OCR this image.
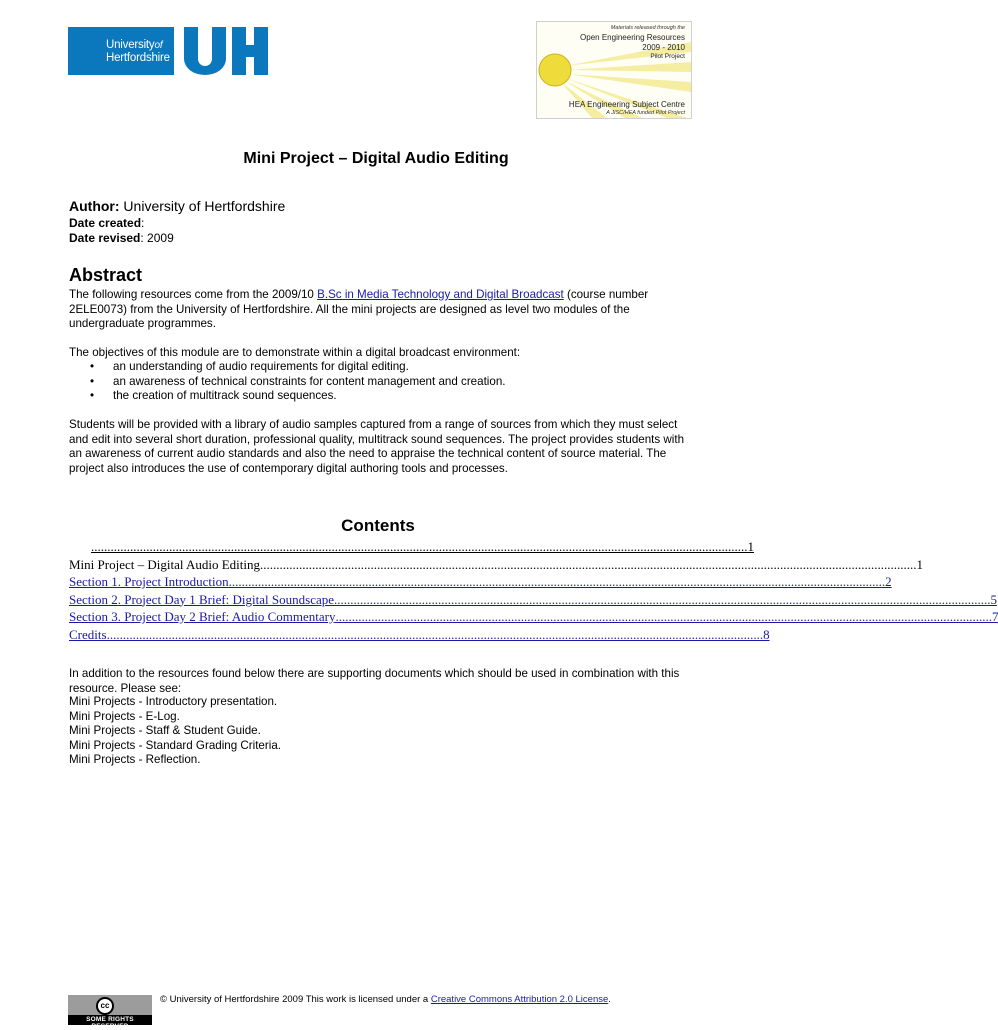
Universityof
Hertfordshire
Materials released through the
Open Engineering Resources
2009 - 2010
Pilot Project
HEA Engineering Subject Centre
A JISC/HEA funded Pilot Project
Mini Project – Digital Audio Editing
Author: University of Hertfordshire
Date created:
Date revised: 2009
Abstract
The following resources come from the 2009/10 B.Sc in Media Technology and Digital Broadcast (course number 2ELE0073) from the University of Hertfordshire. All the mini projects are designed as level two modules of the undergraduate programmes.
The objectives of this module are to demonstrate within a digital broadcast environment:
• an understanding of audio requirements for digital editing.
• an awareness of technical constraints for content management and creation.
• the creation of multitrack sound sequences.
Students will be provided with a library of audio samples captured from a range of sources from which they must select and edit into several short duration, professional quality, multitrack sound sequences. The project provides students with an awareness of current audio standards and also the need to appraise the technical content of source material. The project also introduces the use of contemporary digital authoring tools and processes.
Contents
.......................................................................................................................................................................................................... 1
Mini Project – Digital Audio Editing .......................................................................................................................................................................................................... 1
Section 1. Project Introduction .......................................................................................................................................................................................................... 2
Section 2. Project Day 1 Brief: Digital Soundscape .......................................................................................................................................................................................................... 5
Section 3. Project Day 2 Brief: Audio Commentary .......................................................................................................................................................................................................... 7
Credits .......................................................................................................................................................................................................... 8
In addition to the resources found below there are supporting documents which should be used in combination with this resource. Please see:
Mini Projects - Introductory presentation.
Mini Projects - E-Log.
Mini Projects - Staff & Student Guide.
Mini Projects - Standard Grading Criteria.
Mini Projects - Reflection.
cc
SOME RIGHTS RESERVED
© University of Hertfordshire 2009 This work is licensed under a Creative Commons Attribution 2.0 License.
